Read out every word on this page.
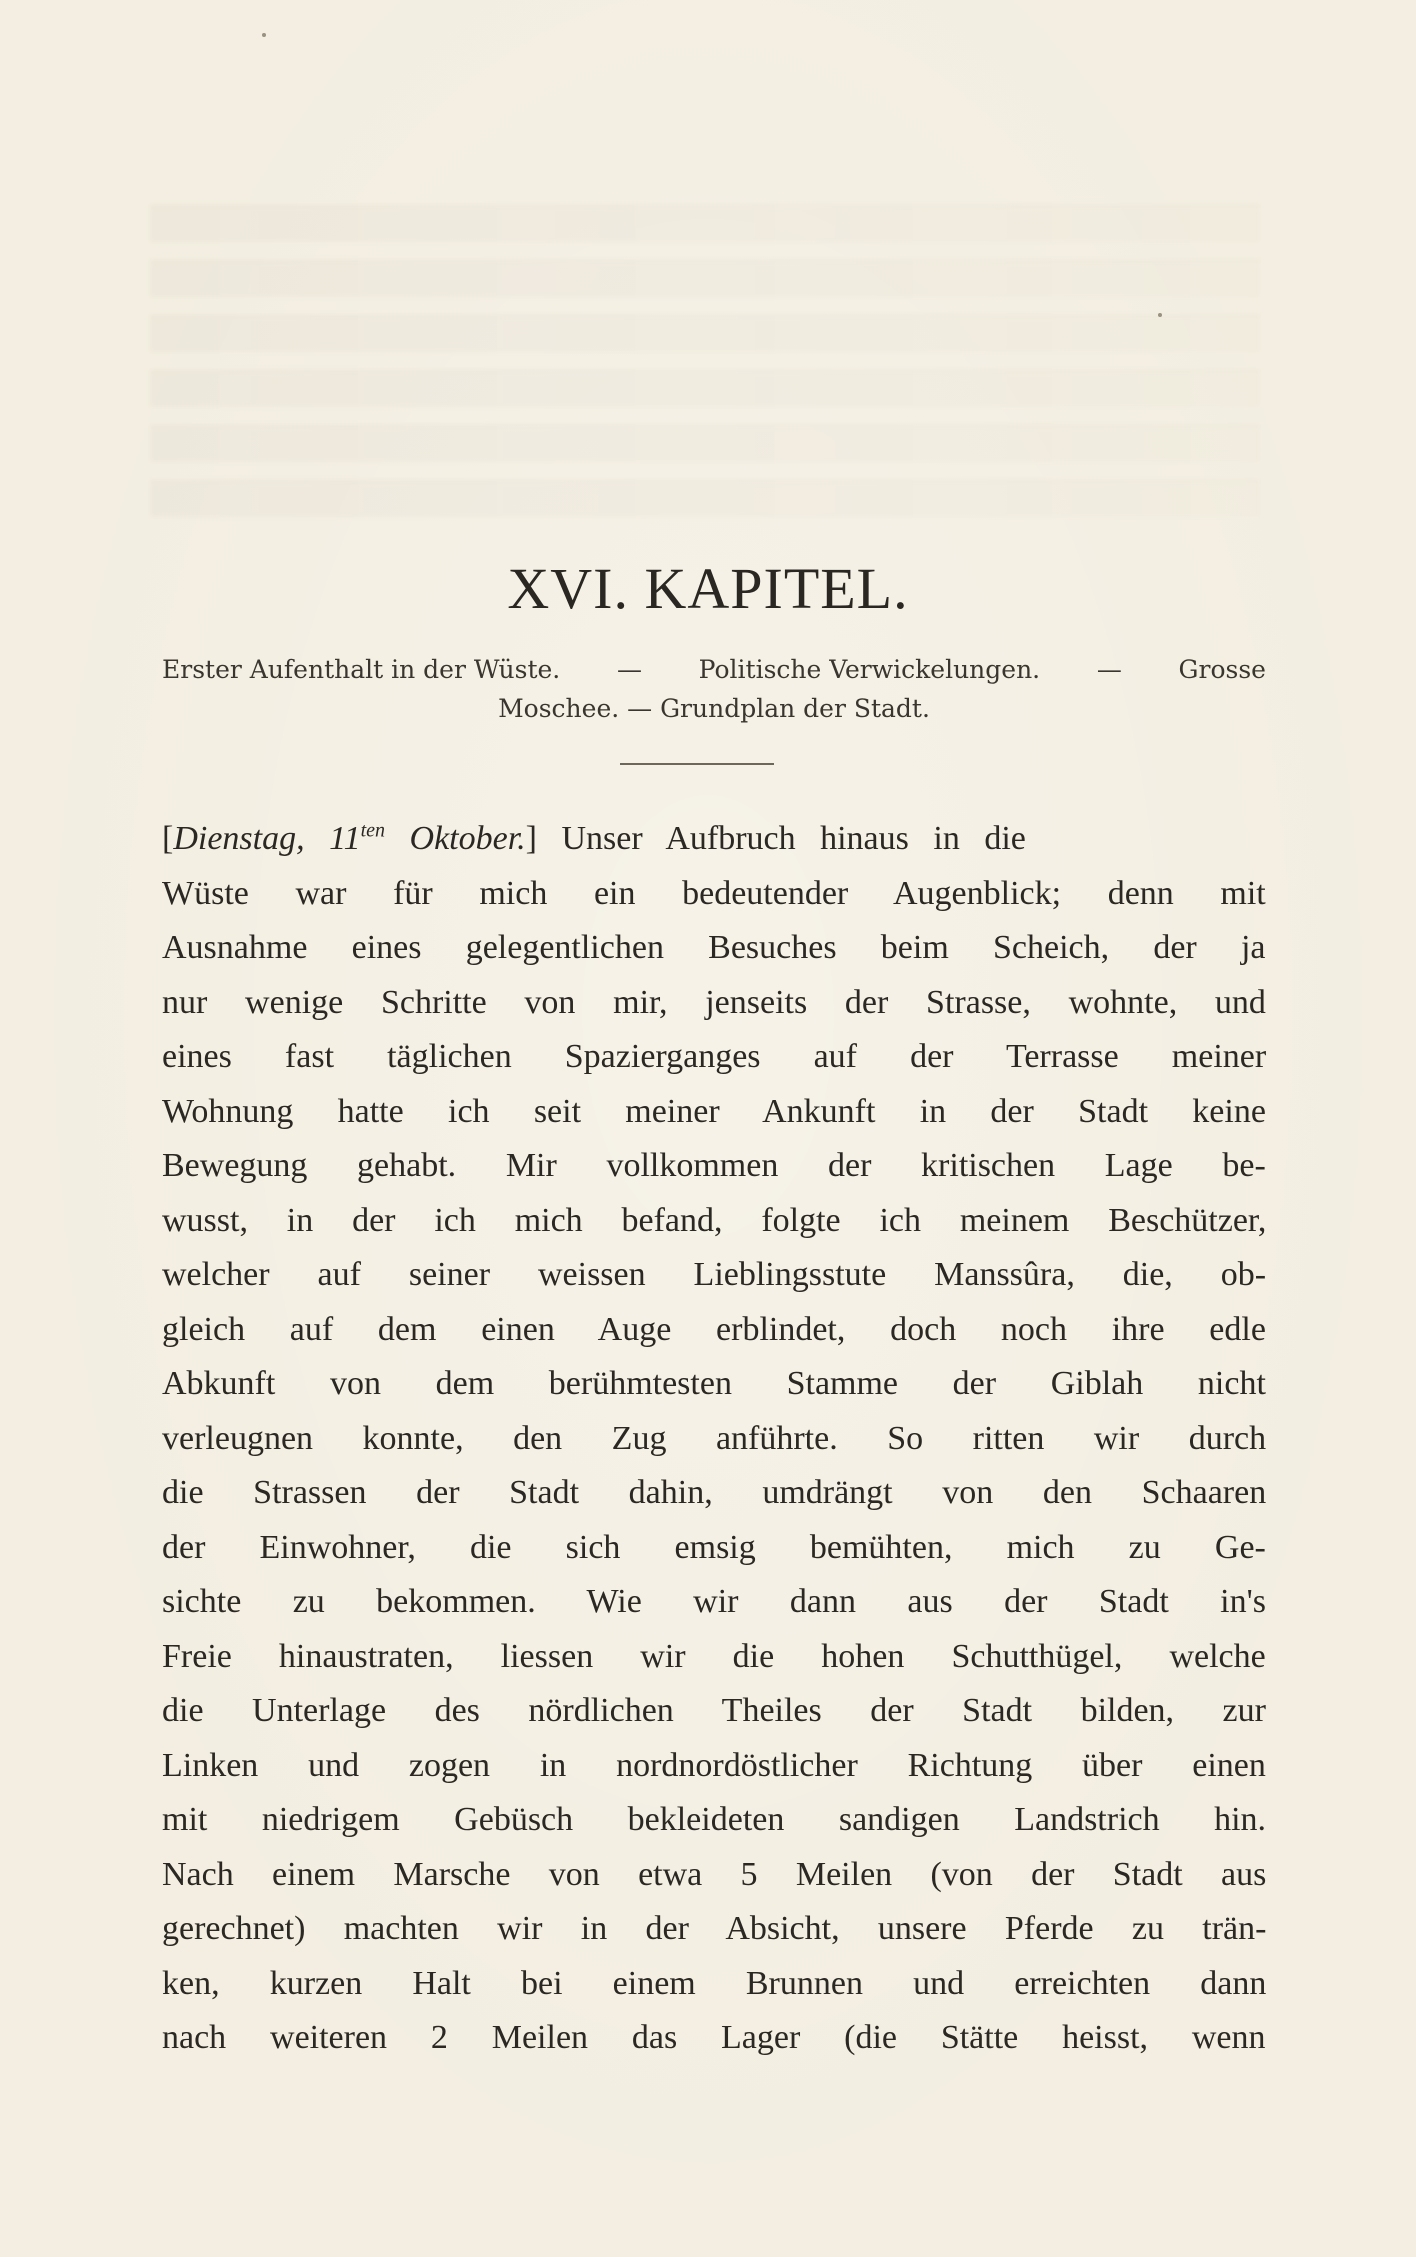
XVI. KAPITEL.
Erster Aufenthalt in der Wüste. — Politische Verwickelungen. — Grosse
Moschee. — Grundplan der Stadt.
[Dienstag, $11^{ten}$ Oktober.] Unser Aufbruch hinaus in die
Wüste war für mich ein bedeutender Augenblick; denn mit
Ausnahme eines gelegentlichen Besuches beim Scheich, der ja
nur wenige Schritte von mir, jenseits der Strasse, wohnte, und
eines fast täglichen Spazierganges auf der Terrasse meiner
Wohnung hatte ich seit meiner Ankunft in der Stadt keine
Bewegung gehabt. Mir vollkommen der kritischen Lage be-
wusst, in der ich mich befand, folgte ich meinem Beschützer,
welcher auf seiner weissen Lieblingsstute Manssûra, die, ob-
gleich auf dem einen Auge erblindet, doch noch ihre edle
Abkunft von dem berühmtesten Stamme der Giblah nicht
verleugnen konnte, den Zug anführte. So ritten wir durch
die Strassen der Stadt dahin, umdrängt von den Schaaren
der Einwohner, die sich emsig bemühten, mich zu Ge-
sichte zu bekommen. Wie wir dann aus der Stadt in's
Freie hinaustraten, liessen wir die hohen Schutthügel, welche
die Unterlage des nördlichen Theiles der Stadt bilden, zur
Linken und zogen in nordnordöstlicher Richtung über einen
mit niedrigem Gebüsch bekleideten sandigen Landstrich hin.
Nach einem Marsche von etwa 5 Meilen (von der Stadt aus
gerechnet) machten wir in der Absicht, unsere Pferde zu trän-
ken, kurzen Halt bei einem Brunnen und erreichten dann
nach weiteren 2 Meilen das Lager (die Stätte heisst, wenn
